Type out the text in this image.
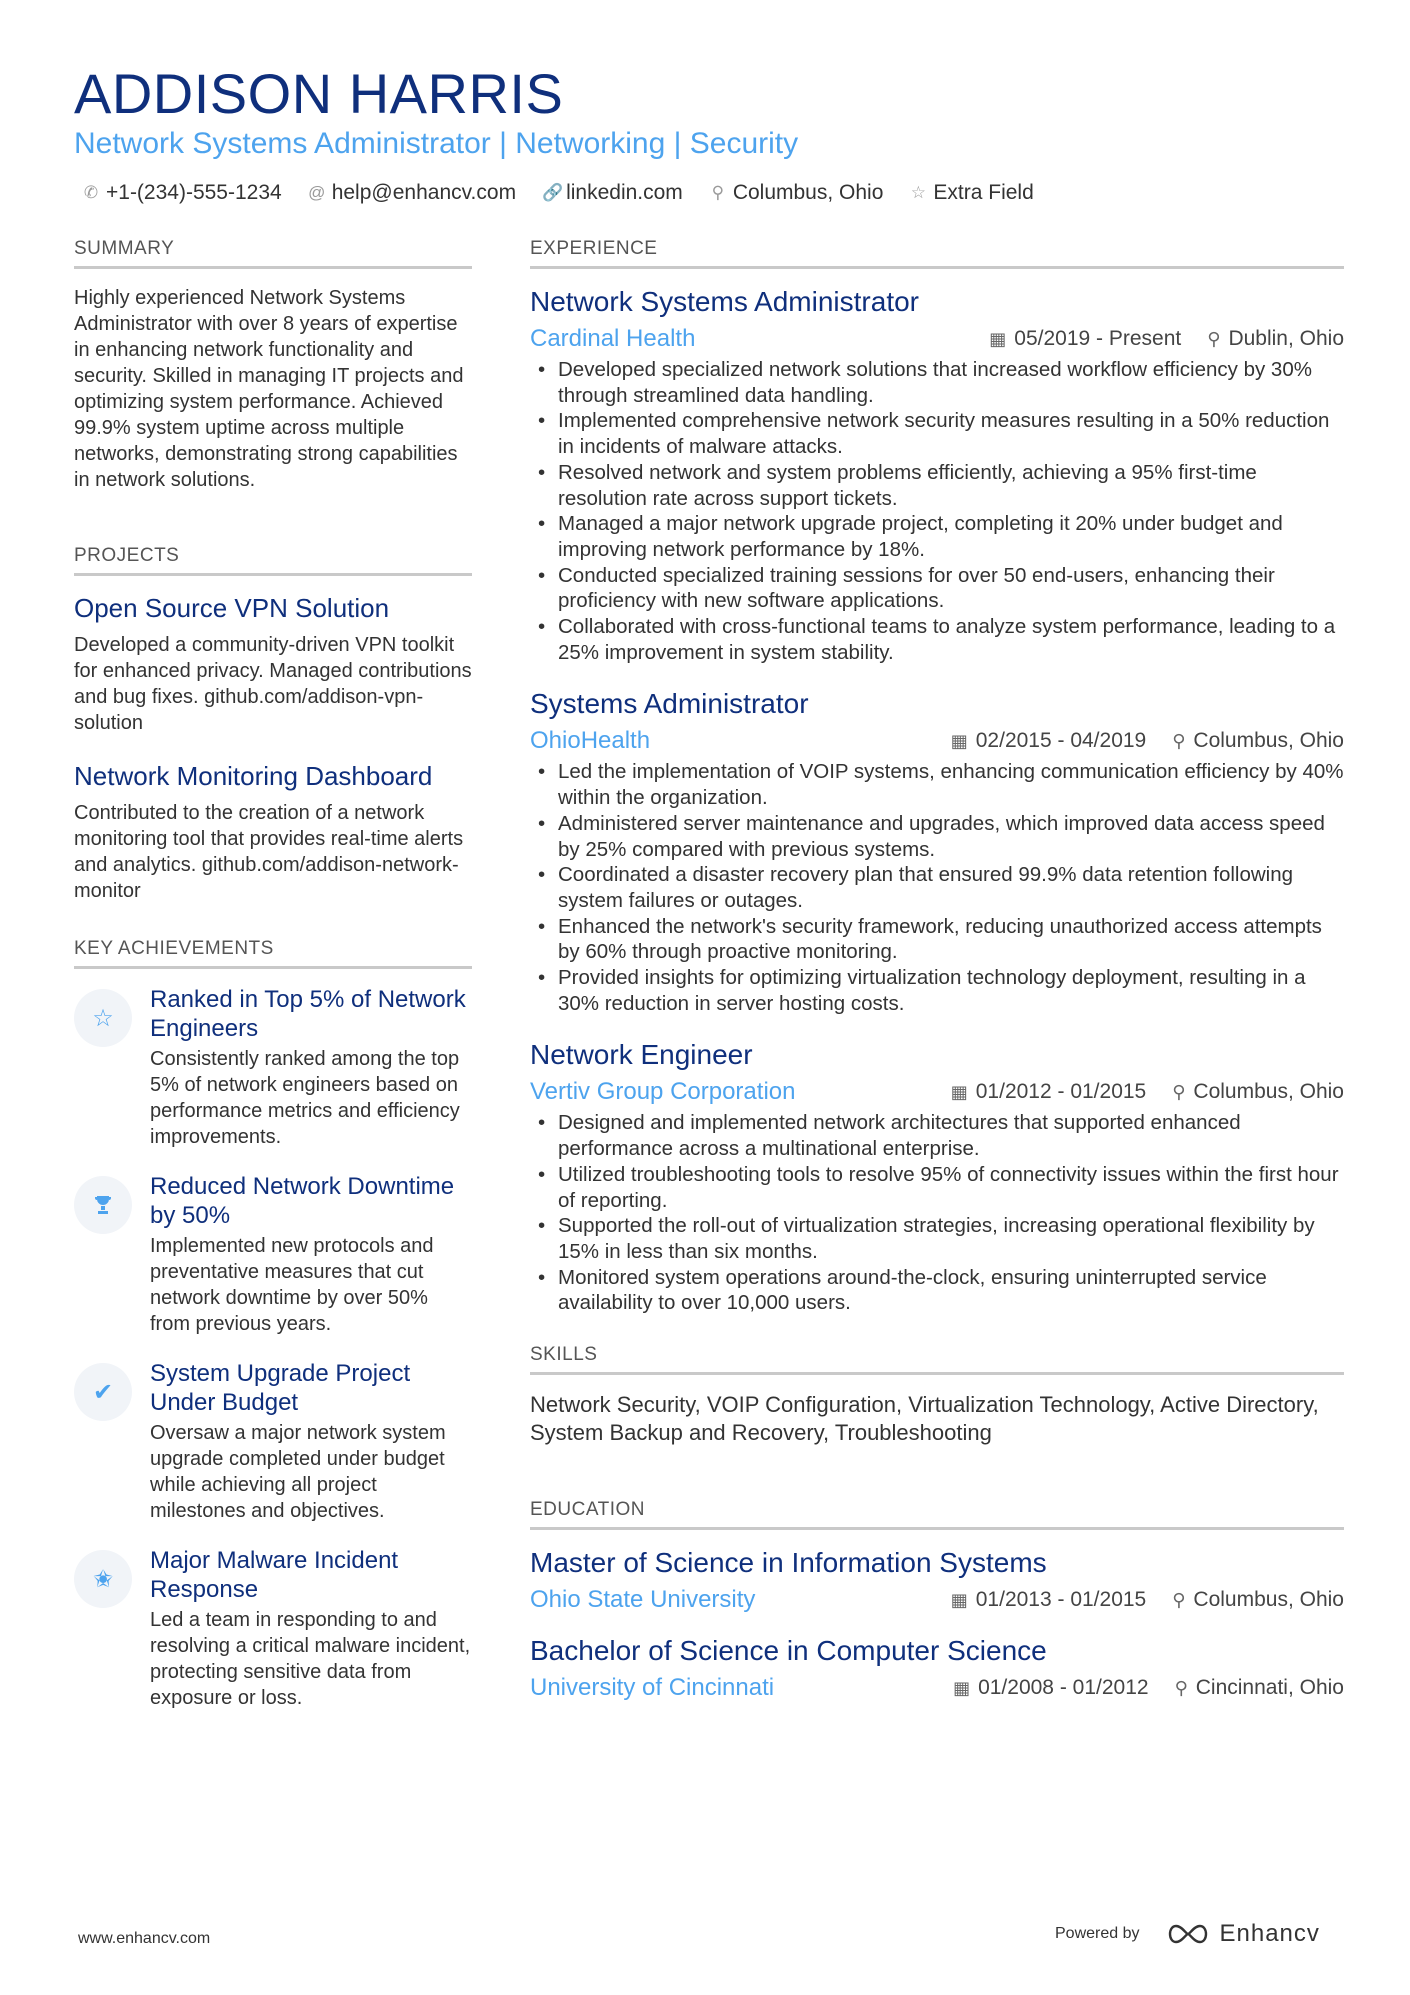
ADDISON HARRIS
Network Systems Administrator | Networking | Security
✆ +1-(234)-555-1234 @ help@enhancv.com 🔗 linkedin.com ⚲ Columbus, Ohio ☆ Extra Field
SUMMARY
Highly experienced Network Systems Administrator with over 8 years of expertise in enhancing network functionality and security. Skilled in managing IT projects and optimizing system performance. Achieved 99.9% system uptime across multiple networks, demonstrating strong capabilities in network solutions.
PROJECTS
Open Source VPN Solution
Developed a community-driven VPN toolkit for enhanced privacy. Managed contributions and bug fixes. github.com/addison-vpn-solution
Network Monitoring Dashboard
Contributed to the creation of a network monitoring tool that provides real-time alerts and analytics. github.com/addison-network-monitor
KEY ACHIEVEMENTS
☆
Ranked in Top 5% of Network Engineers
Consistently ranked among the top 5% of network engineers based on performance metrics and efficiency improvements.
Reduced Network Downtime by 50%
Implemented new protocols and preventative measures that cut network downtime by over 50% from previous years.
✔
System Upgrade Project Under Budget
Oversaw a major network system upgrade completed under budget while achieving all project milestones and objectives.
✬
Major Malware Incident Response
Led a team in responding to and resolving a critical malware incident, protecting sensitive data from exposure or loss.
EXPERIENCE
Network Systems Administrator
Cardinal Health	▦ 05/2019 - Present ⚲ Dublin, Ohio
• Developed specialized network solutions that increased workflow efficiency by 30% through streamlined data handling.
• Implemented comprehensive network security measures resulting in a 50% reduction in incidents of malware attacks.
• Resolved network and system problems efficiently, achieving a 95% first-time resolution rate across support tickets.
• Managed a major network upgrade project, completing it 20% under budget and improving network performance by 18%.
• Conducted specialized training sessions for over 50 end-users, enhancing their proficiency with new software applications.
• Collaborated with cross-functional teams to analyze system performance, leading to a 25% improvement in system stability.
Systems Administrator
OhioHealth	▦ 02/2015 - 04/2019 ⚲ Columbus, Ohio
• Led the implementation of VOIP systems, enhancing communication efficiency by 40% within the organization.
• Administered server maintenance and upgrades, which improved data access speed by 25% compared with previous systems.
• Coordinated a disaster recovery plan that ensured 99.9% data retention following system failures or outages.
• Enhanced the network's security framework, reducing unauthorized access attempts by 60% through proactive monitoring.
• Provided insights for optimizing virtualization technology deployment, resulting in a 30% reduction in server hosting costs.
Network Engineer
Vertiv Group Corporation	▦ 01/2012 - 01/2015 ⚲ Columbus, Ohio
• Designed and implemented network architectures that supported enhanced performance across a multinational enterprise.
• Utilized troubleshooting tools to resolve 95% of connectivity issues within the first hour of reporting.
• Supported the roll-out of virtualization strategies, increasing operational flexibility by 15% in less than six months.
• Monitored system operations around-the-clock, ensuring uninterrupted service availability to over 10,000 users.
SKILLS
Network Security, VOIP Configuration, Virtualization Technology, Active Directory, System Backup and Recovery, Troubleshooting
EDUCATION
Master of Science in Information Systems
Ohio State University	▦ 01/2013 - 01/2015 ⚲ Columbus, Ohio
Bachelor of Science in Computer Science
University of Cincinnati	▦ 01/2008 - 01/2012 ⚲ Cincinnati, Ohio
www.enhancv.com	Powered by	Enhancv
